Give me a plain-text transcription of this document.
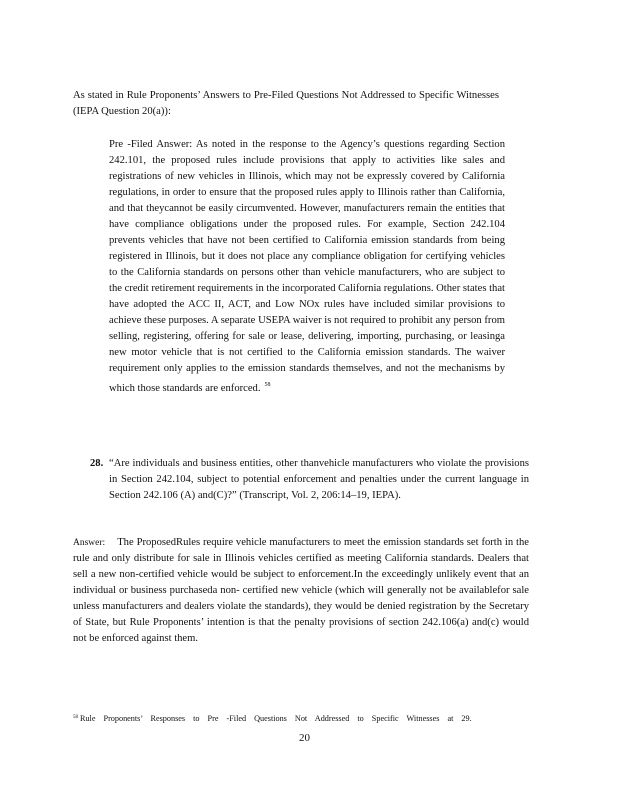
As stated in Rule Proponents’ Answers to Pre-Filed Questions Not Addressed to Specific Witnesses (IEPA Question 20(a)):
Pre -Filed Answer: As noted in the response to the Agency’s questions regarding Section 242.101, the proposed rules include provisions that apply to activities like sales and registrations of new vehicles in Illinois, which may not be expressly covered by California regulations, in order to ensure that the proposed rules apply to Illinois rather than California, and that theycannot be easily circumvented. However, manufacturers remain the entities that have compliance obligations under the proposed rules. For example, Section 242.104 prevents vehicles that have not been certified to California emission standards from being registered in Illinois, but it does not place any compliance obligation for certifying vehicles to the California standards on persons other than vehicle manufacturers, who are subject to the credit retirement requirements in the incorporated California regulations. Other states that have adopted the ACC II, ACT, and Low NOx rules have included similar provisions to achieve these purposes. A separate USEPA waiver is not required to prohibit any person from selling, registering, offering for sale or lease, delivering, importing, purchasing, or leasinga new motor vehicle that is not certified to the California emission standards. The waiver requirement only applies to the emission standards themselves, and not the mechanisms by which those standards are enforced. $^{58}$
28. “Are individuals and business entities, other thanvehicle manufacturers who violate the provisions in Section 242.104, subject to potential enforcement and penalties under the current language in Section 242.106 (A) and(C)?” (Transcript, Vol. 2, 206:14–19, IEPA).
Answer: The ProposedRules require vehicle manufacturers to meet the emission standards set forth in the rule and only distribute for sale in Illinois vehicles certified as meeting California standards. Dealers that sell a new non-certified vehicle would be subject to enforcement.In the exceedingly unlikely event that an individual or business purchaseda non- certified new vehicle (which will generally not be availablefor sale unless manufacturers and dealers violate the standards), they would be denied registration by the Secretary of State, but Rule Proponents’ intention is that the penalty provisions of section 242.106(a) and(c) would not be enforced against them.
$^{58}$ Rule Proponents’ Responses to Pre -Filed Questions Not Addressed to Specific Witnesses at 29.
20
